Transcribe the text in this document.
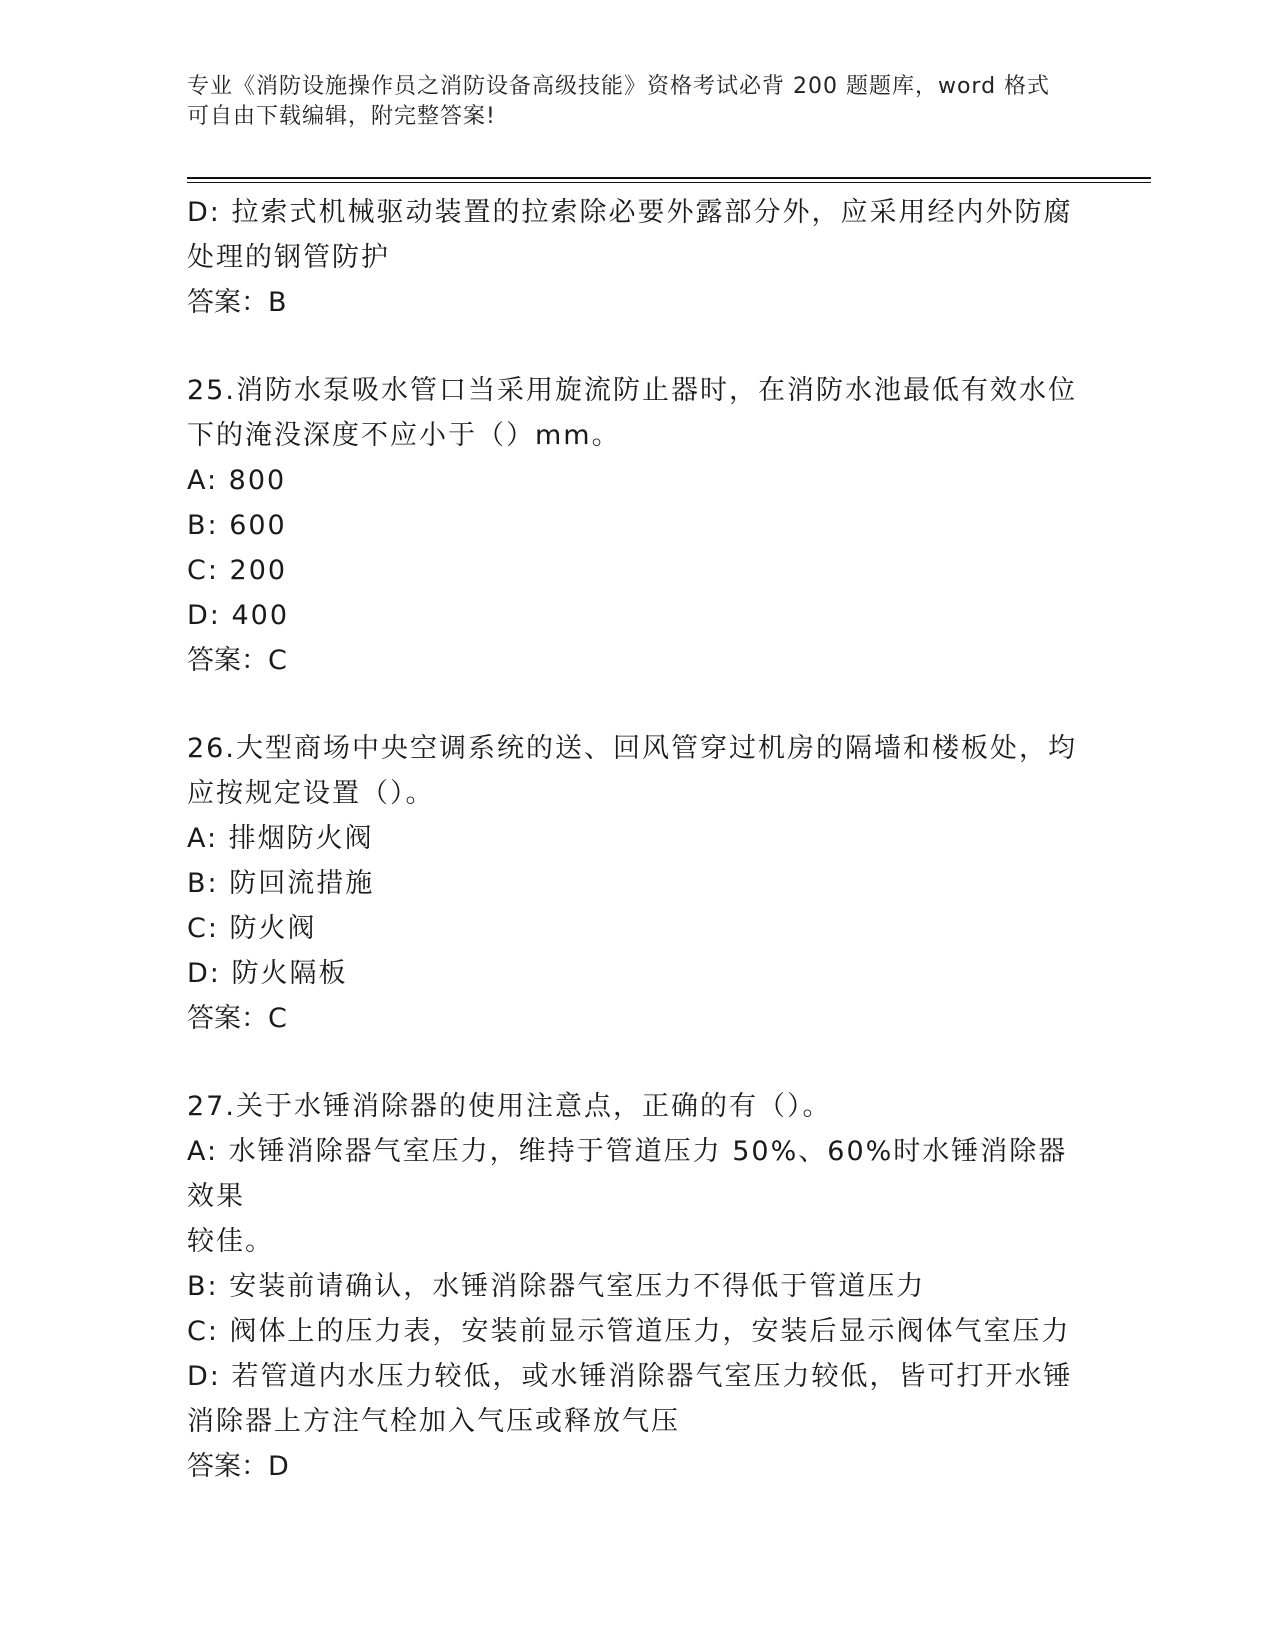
专业《消防设施操作员之消防设备高级技能》资格考试必背 200 题题库，word 格式可自由下载编辑，附完整答案!

D: 拉索式机械驱动装置的拉索除必要外露部分外，应采用经内外防腐

处理的钢管防护

答案：B

25.消防水泵吸水管口当采用旋流防止器时，在消防水池最低有效水位

下的淹没深度不应小于（）mm。

A: 800

B: 600

C: 200

D: 400

答案：C

26.大型商场中央空调系统的送、回风管穿过机房的隔墙和楼板处，均

应按规定设置（）。

A: 排烟防火阀

B: 防回流措施

C: 防火阀

D: 防火隔板

答案：C

27.关于水锤消除器的使用注意点，正确的有（）。

A: 水锤消除器气室压力，维持于管道压力 50%、60%时水锤消除器效果

较佳。

B: 安装前请确认，水锤消除器气室压力不得低于管道压力

C: 阀体上的压力表，安装前显示管道压力，安装后显示阀体气室压力

D: 若管道内水压力较低，或水锤消除器气室压力较低，皆可打开水锤

消除器上方注气栓加入气压或释放气压

答案：D
